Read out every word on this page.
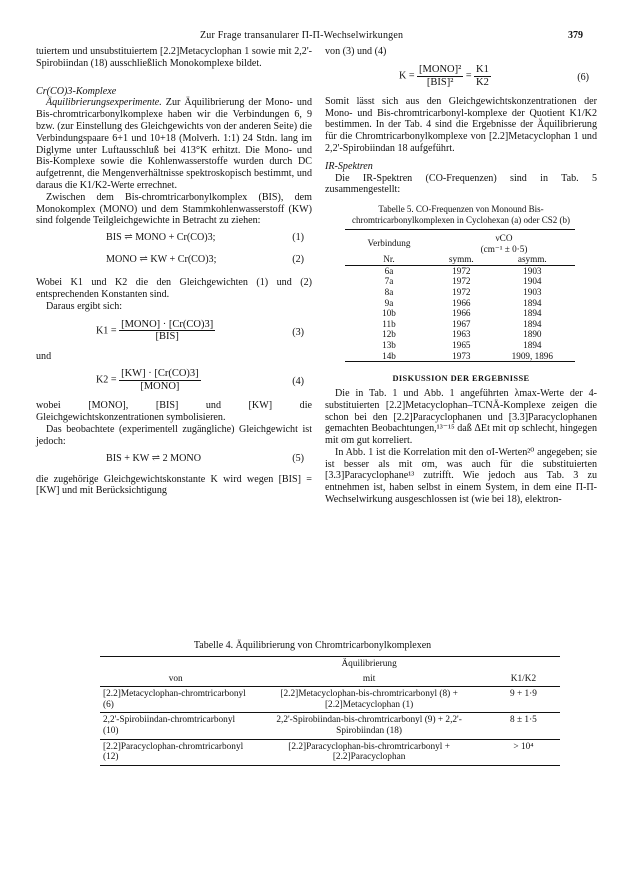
Zur Frage transanularer Π-Π-Wechselwirkungen	379

tuiertem und unsubstituiertem [2.2]Metacyclophan 1 sowie mit 2,2'-Spirobiindan (18) ausschließlich Monokomplexe bildet.

Cr(CO)3-Komplexe

Äquilibrierungsexperimente. Zur Äquilibrierung der Mono- und Bis-chromtricarbonylkomplexe haben wir die Verbindungen 6, 9 bzw. (zur Einstellung des Gleichgewichts von der anderen Seite) die Verbindungspaare 6+1 und 10+18 (Molverh. 1:1) 24 Stdn. lang im Diglyme unter Luftausschluß bei 413°K erhitzt. Die Mono- und Bis-Komplexe sowie die Kohlenwasserstoffe wurden durch DC aufgetrennt, die Mengenverhältnisse spektroskopisch bestimmt, und daraus die K1/K2-Werte errechnet.

Zwischen dem Bis-chromtricarbonylkomplex (BIS), dem Monokomplex (MONO) und dem Stammkohlenwasserstoff (KW) sind folgende Teilgleichgewichte in Betracht zu ziehen:

BIS ⇌ MONO + Cr(CO)3;	(1)
MONO ⇌ KW + Cr(CO)3;	(2)

Wobei K1 und K2 die den Gleichgewichten (1) und (2) entsprechenden Konstanten sind.

Daraus ergibt sich:

$K1 = \frac{\text{[MONO] · [Cr(CO)3]}}{\text{[BIS]}}$	(3)

und

$K2 = \frac{[KW] \cdot [Cr(CO)3]}{\text{[MONO]}}$	(4)

wobei [MONO], [BIS] und [KW] die Gleichgewichtskonzentrationen symbolisieren.

Das beobachtete (experimentell zugängliche) Gleichgewicht ist jedoch:

BIS + KW ⇌ 2 MONO	(5)

die zugehörige Gleichgewichtskonstante K wird wegen [BIS] = [KW] und mit Berücksichtigung

von (3) und (4)

$K = \frac{\text{[MONO]²}}{\text{[BIS]²}} = \frac{K1}{K2}$	(6)

Somit lässt sich aus den Gleichgewichtskonzentrationen der Mono- und Bis-chromtricarbonyl-komplexe der Quotient K1/K2 bestimmen. In der Tab. 4 sind die Ergebnisse der Äquilibrierung für die Chromtricarbonylkomplexe von [2.2]Metacyclophan 1 und 2,2'-Spirobiindan 18 aufgeführt.

IR-Spektren

Die IR-Spektren (CO-Frequenzen) sind in Tab. 5 zusammengestellt:

Tabelle 5. CO-Frequenzen von Monound Bis-chromtricarbonylkomplexen in Cyclohexan (a) oder CS2 (b)

Verbindung	νCO
(cm⁻¹ ± 0·5)	
Nr.	symm.	asymm.
6a	1972	1903
7a	1972	1904
8a	1972	1903
9a	1966	1894
10b	1966	1894
11b	1967	1894
12b	1963	1890
13b	1965	1894
14b	1973	1909, 1896

DISKUSSION DER ERGEBNISSE

Die in Tab. 1 und Abb. 1 angeführten λmax-Werte der 4-substituierten [2.2]Metacyclophan–TCNÄ-Komplexe zeigen die schon bei den [2.2]Paracyclophanen und [3.3]Paracyclophanen gemachten Beobachtungen,¹³⁻¹⁵ daß ΔEt mit σp schlecht, hingegen mit σm gut korreliert.

In Abb. 1 ist die Korrelation mit den σI-Werten²⁰ angegeben; sie ist besser als mit σm, was auch für die substituierten [3.3]Paracyclophane¹³ zutrifft. Wie jedoch aus Tab. 3 zu entnehmen ist, haben selbst in einem System, in dem eine Π-Π-Wechselwirkung ausgeschlossen ist (wie bei 18), elektron-

Tabelle 4. Äquilibrierung von Chromtricarbonylkomplexen
	Äquilibrierung	
von	mit	K1/K2
[2.2]Metacyclophan-chromtricarbonyl (6)	[2.2]Metacyclophan-bis-chromtricarbonyl (8) + [2.2]Metacyclophan (1)	9 + 1·9
2,2'-Spirobiindan-chromtricarbonyl (10)	2,2'-Spirobiindan-bis-chromtricarbonyl (9) + 2,2'-Spirobiindan (18)	8 ± 1·5
[2.2]Paracyclophan-chromtricarbonyl (12)	[2.2]Paracyclophan-bis-chromtricarbonyl + [2.2]Paracyclophan	> 10⁴
